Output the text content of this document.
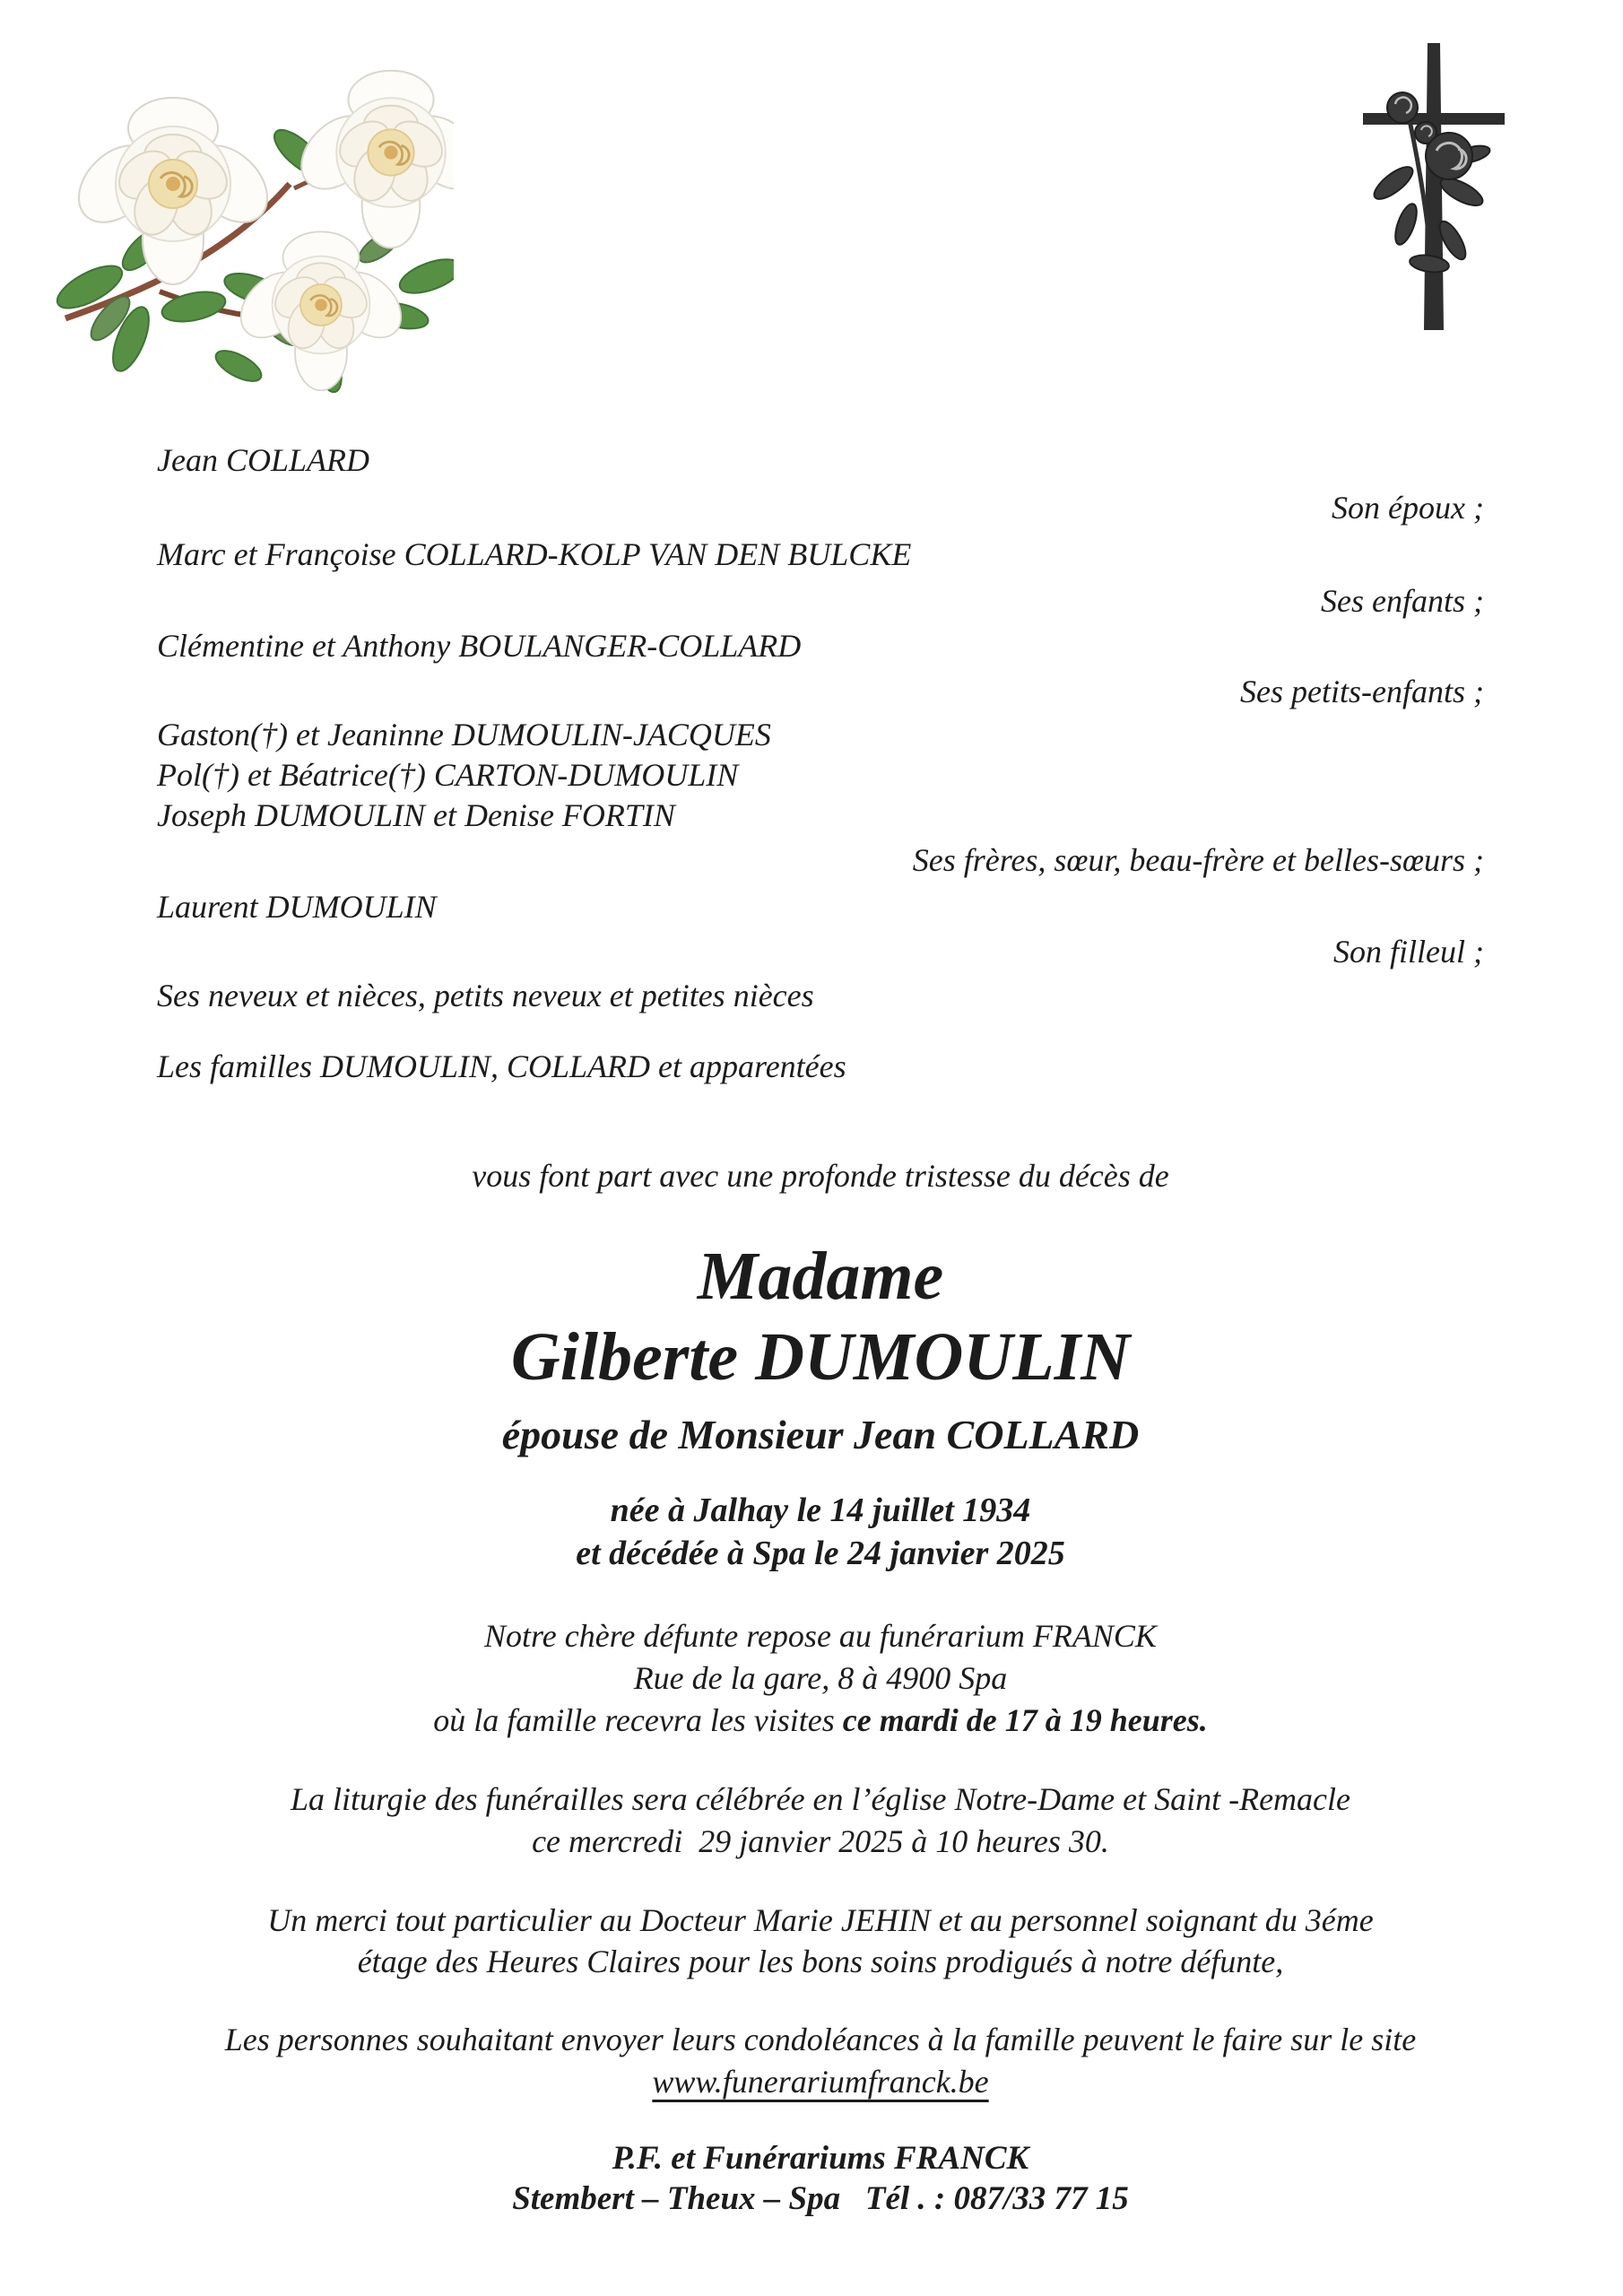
Jean COLLARD
Son époux ;
Marc et Françoise COLLARD-KOLP VAN DEN BULCKE
Ses enfants ;
Clémentine et Anthony BOULANGER-COLLARD
Ses petits-enfants ;
Gaston(†) et Jeaninne DUMOULIN-JACQUES
Pol(†) et Béatrice(†) CARTON-DUMOULIN
Joseph DUMOULIN et Denise FORTIN
Ses frères, sœur, beau-frère et belles-sœurs ;
Laurent DUMOULIN
Son filleul ;
Ses neveux et nièces, petits neveux et petites nièces
Les familles DUMOULIN, COLLARD et apparentées
vous font part avec une profonde tristesse du décès de
Madame
Gilberte DUMOULIN
épouse de Monsieur Jean COLLARD
née à Jalhay le 14 juillet 1934
et décédée à Spa le 24 janvier 2025
Notre chère défunte repose au funérarium FRANCK
Rue de la gare, 8 à 4900 Spa
où la famille recevra les visites ce mardi de 17 à 19 heures.
La liturgie des funérailles sera célébrée en l’église Notre-Dame et Saint -Remacle
ce mercredi  29 janvier 2025 à 10 heures 30.
Un merci tout particulier au Docteur Marie JEHIN et au personnel soignant du 3éme
étage des Heures Claires pour les bons soins prodigués à notre défunte,
Les personnes souhaitant envoyer leurs condoléances à la famille peuvent le faire sur le site
www.funerariumfranck.be
P.F. et Funérariums FRANCK
Stembert – Theux – Spa   Tél . : 087/33 77 15
